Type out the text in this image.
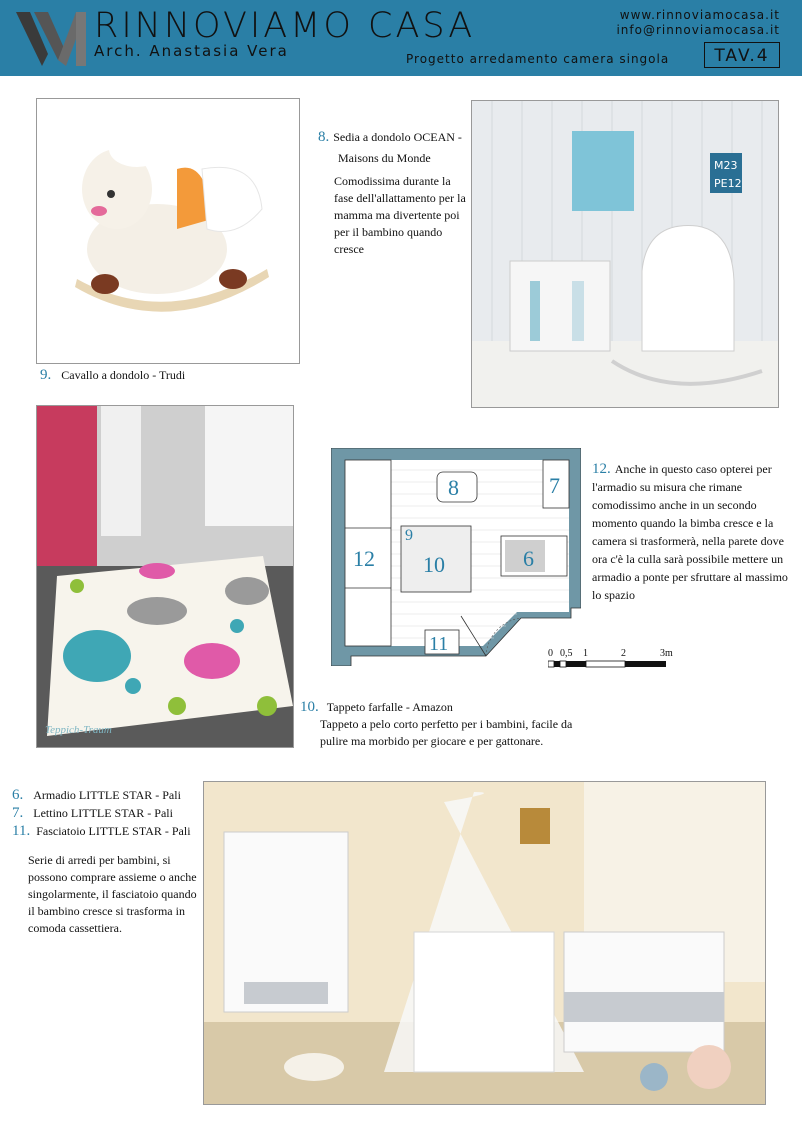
RINNOVIAMO CASA
Arch. Anastasia Vera
www.rinnoviamocasa.it
info@rinnoviamocasa.it
Progetto arredamento camera singola	TAV.4
9. Cavallo a dondolo - Trudi
8. Sedia a dondolo OCEAN -
Maisons du Monde
Comodissima durante la fase dell'allattamento per la mamma ma divertente poi per il bambino quando cresce
M23
PE12
Teppich-Traum
8	7
12
9
10	6
11	0 0,5 1	2	3m
12. Anche in questo caso opterei per l'armadio su misura che rimane comodissimo anche in un secondo momento quando la bimba cresce e la camera si trasformerà, nella parete dove ora c'è la culla sarà possibile mettere un armadio a ponte per sfruttare al massimo lo spazio
10. Tappeto farfalle - Amazon
Tappeto a pelo corto perfetto per i bambini, facile da pulire ma morbido per giocare e per gattonare.
6. Armadio LITTLE STAR - Pali
7. Lettino LITTLE STAR - Pali
11. Fasciatoio LITTLE STAR - Pali
Serie di arredi per bambini, si possono comprare assieme o anche singolarmente, il fasciatoio quando il bambino cresce si trasforma in comoda cassettiera.
